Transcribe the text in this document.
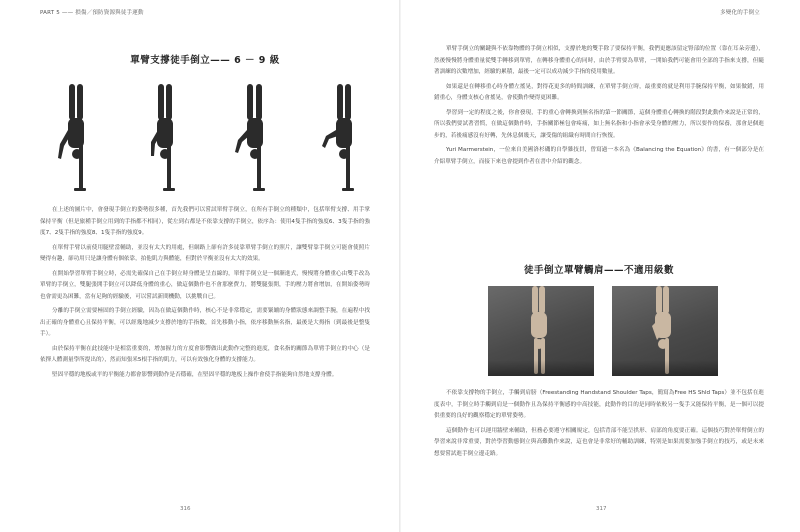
PART 5 —— 損傷／預防資源與徒手運動
單臂支撐徒手倒立—— 6 － 9 級

在上述的圖片中，會發現手倒立的姿勢很多種，首先我們可以嘗試單臂手倒立，在所有手倒立的種類中，包括單臂支撐、用手掌保持平衡（但是旅種手倒立用到的手指都不相同），從左到右都是不依靠支撐的手倒立，依序為：使用4隻手指的強度6、3隻手指的強度7、2隻手指的強度8、1隻手指的強度9。

在單臂手臂以前使用腿壁當輔助，並沒有太大的用處，但網路上卻有許多徒靠單臂手倒立的照片，讓雙臂靠手倒立可能會使照片變得有趣，卻功用只是讓身體有個依靠，拍他肌力與體能，但對於平衡並沒有太大的效果。

在開始學習單臂手倒立時，必需先確保自己在手倒立時身體是呈直線的，單臂手倒立是一個漸進式，慢慢將身體重心由雙手改為單臂的手倒立，雙腿張開手倒立可以降低身體的重心，做這個動作也不會那麼費力，將雙腿張開，手的壓力將會增加，在開始姿勢時也會需更為困難，當有足夠的經驗後，可以嘗試新間機動，以挑戰自已。

分離的手倒立需要極固的手倒立經驗，因為在做這個動作時，核心不是非常穩定，需要緊繃的身體狀態來調整手腕，在遍程中找出正確的身體重心且保持平衡，可以經幾地減少支撐於地的手指數，首先移動小指，依序移動無名指，最後是大拇指（到最後是整隻手）。

由於保持平衡在此技能中是相當重要的，增加握力的方度會影響做出此動作完整的進度，食名指的關節為單臂手倒立的中心（是依擇人體測量學所提出的），然而知張米5根手指的肌力，可以有效強化身體的支撐能力。

堅固平穩的地板或平的平衡能力都會影響到動作是否穩確，在堅固平穩的地板上操作會使手指能夠自然地支撐身體。

316
多變化的手倒立

單臂手倒立的關鍵與不依靠物體的手倒立相似，支撐於地的雙手除了要保持平衡，我們更應該留定腎部的位置（靠在耳朵旁邊），然後慢慢將身體重量從雙手轉移到單臂，在轉移身體重心的同時，由於手臂要為單臂，一開始我們可能會用全部的手指來支撐，但隨著訓練的次數增加，經驗的累積，最後一定可以成功減少手指的使用數量。

如果還是在轉移重心時身體左搖晃，對得花更多的時間訓練，在單臂手倒立時，最重要的就是利用手腕保持平衡，如果做錯，用錯重心，身體支核心會搖晃，會使動作變得更困難。

學習到一定的程度之後，你會發現，手的重心會轉換到無名指的第一節關節，這個身體重心轉換的階段對此動作來說是正常的，所以我們要試著習慣，在做這個動作時，手指關節極包會疼痛，如上無名指和小指會承受身體的壓力，所以要作的保養，那會是個進步的，若後痛感沒有好轉，先休息個幾天，讓受傷的組織有時間自行恢復。

Yuri Marmerstein，一位來自美國洛杉磯的自學雜技員，曾寫過一本名為《Balancing the Equation》的書，有一個部分是在介紹單臂手倒立，而接下來也會提到作者在書中介紹的觀念。

徒手倒立單臂觸肩——不適用級數

不依靠支撐物的手倒立，手觸到肩膀（Freestanding Handstand Shoulder Taps，簡寫為Free HS Shld Taps）並不包括在進度表中，手倒立時手觸到肩是一個動作且為保持平衡感的中高技能，此動作的目的是同時依較另一隻手又能保持平衡，是一個可以提供重要的良好的觀察穩定的單臂姿勢。

這個動作也可以運用牆壁來輔助，但務必要遵守相關規定，包括背部不能呈拱形、肩部的角度要正確。這個技巧對於單臂倒立的學習來說非常重要，對於學習動態倒立與高難動作來說，這也會是非常好的輔助訓練，特別是如果需要加強手倒立的技巧，或是未來想要嘗試進手倒立邊走路。

317
